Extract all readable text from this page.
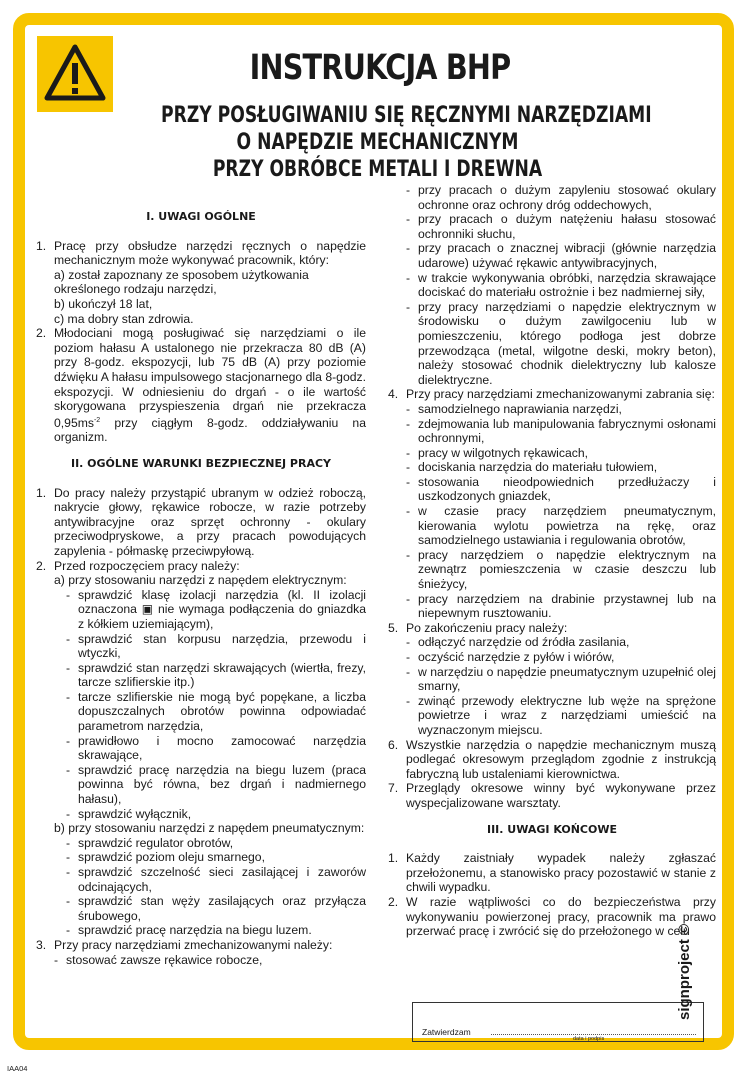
INSTRUKCJA BHP
PRZY POSŁUGIWANIU SIĘ RĘCZNYMI NARZĘDZIAMI
O NAPĘDZIE MECHANICZNYM
PRZY OBRÓBCE METALI I DREWNA

I. UWAGI OGÓLNE

1. Pracę przy obsłudze narzędzi ręcznych o napędzie mechanicznym może wykonywać pracownik, który:

a) został zapoznany ze sposobem użytkowania określonego rodzaju narzędzi,

b) ukończył 18 lat,

c) ma dobry stan zdrowia.

2. Młodociani mogą posługiwać się narzędziami o ile poziom hałasu A ustalonego nie przekracza 80 dB (A) przy 8-godz. ekspozycji, lub 75 dB (A) przy poziomie dźwięku A hałasu impulsowego stacjonarnego dla 8-godz. ekspozycji. W odniesieniu do drgań - o ile wartość skorygowana przyspieszenia drgań nie przekracza $0,95ms^{-2}$ przy ciągłym 8-godz. oddziaływaniu na organizm.

II. OGÓLNE WARUNKI BEZPIECZNEJ PRACY

1. Do pracy należy przystąpić ubranym w odzież roboczą, nakrycie głowy, rękawice robocze, w razie potrzeby antywibracyjne oraz sprzęt ochronny - okulary przeciwodpryskowe, a przy pracach powodujących zapylenia - półmaskę przeciwpyłową.
2. Przed rozpoczęciem pracy należy:

a) przy stosowaniu narzędzi z napędem elektrycznym:

- sprawdzić klasę izolacji narzędzia (kl. II izolacji oznaczona ▣ nie wymaga podłączenia do gniazdka z kółkiem uziemiającym),
- sprawdzić stan korpusu narzędzia, przewodu i wtyczki,
- sprawdzić stan narzędzi skrawających (wiertła, frezy, tarcze szlifierskie itp.)
- tarcze szlifierskie nie mogą być popękane, a liczba dopuszczalnych obrotów powinna odpowiadać parametrom narzędzia,
- prawidłowo i mocno zamocować narzędzia skrawające,
- sprawdzić pracę narzędzia na biegu luzem (praca powinna być równa, bez drgań i nadmiernego hałasu),
- sprawdzić wyłącznik,

b) przy stosowaniu narzędzi z napędem pneumatycznym:

- sprawdzić regulator obrotów,
- sprawdzić poziom oleju smarnego,
- sprawdzić szczelność sieci zasilającej i zaworów odcinających,
- sprawdzić stan węży zasilających oraz przyłącza śrubowego,
- sprawdzić pracę narzędzia na biegu luzem.
3. Przy pracy narzędziami zmechanizowanymi należy:
- stosować zawsze rękawice robocze,
- przy pracach o dużym zapyleniu stosować okulary ochronne oraz ochrony dróg oddechowych,
- przy pracach o dużym natężeniu hałasu stosować ochronniki słuchu,
- przy pracach o znacznej wibracji (głównie narzędzia udarowe) używać rękawic antywibracyjnych,
- w trakcie wykonywania obróbki, narzędzia skrawające dociskać do materiału ostrożnie i bez nadmiernej siły,
- przy pracy narzędziami o napędzie elektrycznym w środowisku o dużym zawilgoceniu lub w pomieszczeniu, którego podłoga jest dobrze przewodząca (metal, wilgotne deski, mokry beton), należy stosować chodnik dielektryczny lub kalosze dielektryczne.
4. Przy pracy narzędziami zmechanizowanymi zabrania się:
- samodzielnego naprawiania narzędzi,
- zdejmowania lub manipulowania fabrycznymi osłonami ochronnymi,
- pracy w wilgotnych rękawicach,
- dociskania narzędzia do materiału tułowiem,
- stosowania nieodpowiednich przedłużaczy i uszkodzonych gniazdek,
- w czasie pracy narzędziem pneumatycznym, kierowania wylotu powietrza na rękę, oraz samodzielnego ustawiania i regulowania obrotów,
- pracy narzędziem o napędzie elektrycznym na zewnątrz pomieszczenia w czasie deszczu lub śnieżycy,
- pracy narzędziem na drabinie przystawnej lub na niepewnym rusztowaniu.
5. Po zakończeniu pracy należy:
- odłączyć narzędzie od źródła zasilania,
- oczyścić narzędzie z pyłów i wiórów,
- w narzędziu o napędzie pneumatycznym uzupełnić olej smarny,
- zwinąć przewody elektryczne lub węże na sprężone powietrze i wraz z narzędziami umieścić na wyznaczonym miejscu.
6. Wszystkie narzędzia o napędzie mechanicznym muszą podlegać okresowym przeglądom zgodnie z instrukcją fabryczną lub ustaleniami kierownictwa.
7. Przeglądy okresowe winny być wykonywane przez wyspecjalizowane warsztaty.

III. UWAGI KOŃCOWE

1. Każdy zaistniały wypadek należy zgłaszać przełożonemu, a stanowisko pracy pozostawić w stanie z chwili wypadku.
2. W razie wątpliwości co do bezpieczeństwa przy wykonywaniu powierzonej pracy, pracownik ma prawo przerwać pracę i zwrócić się do przełożonego w celu
Zatwierdzam
data i podpis
signproject ©
IAA04
